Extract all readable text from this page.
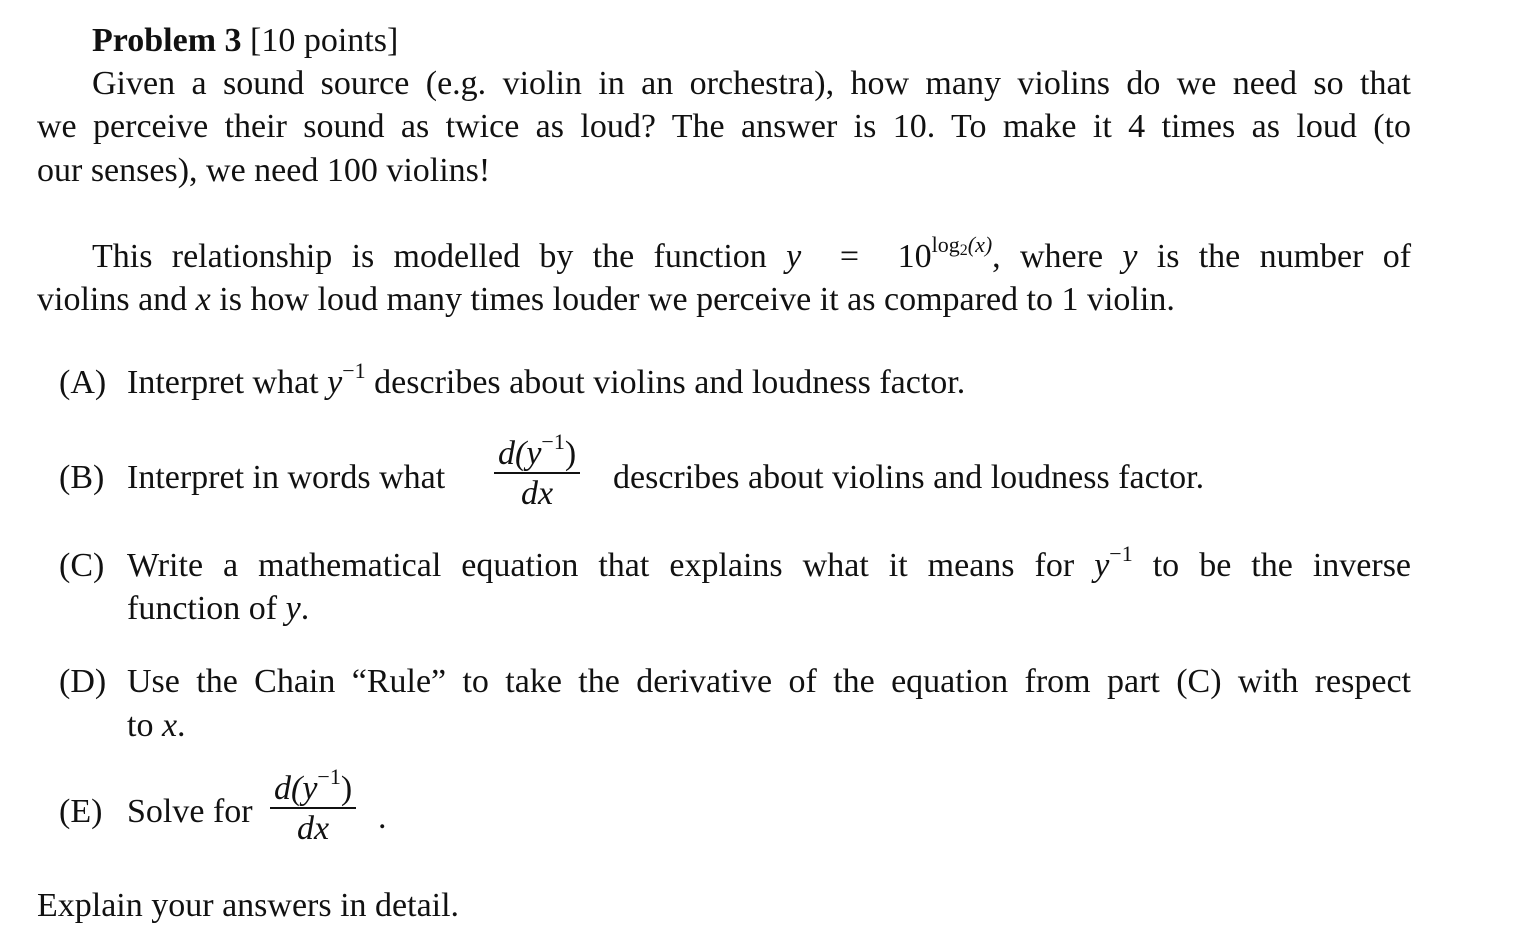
Problem 3 [10 points]
Given a sound source (e.g. violin in an orchestra), how many violins do we need so that
we perceive their sound as twice as loud? The answer is 10. To make it 4 times as loud (to
our senses), we need 100 violins!
This relationship is modelled by the function $y = 10^{log_2(x)}$, where y is the number of
violins and x is how loud many times louder we perceive it as compared to 1 violin.
(A) Interpret what $y^{-1}$ describes about violins and loudness factor.
(B) Interpret in words what
$d(y^{-1})$
dx describes about violins and loudness factor.
(C) Write a mathematical equation that explains what it means for $y^{-1}$ to be the inverse
function of y.
(D) Use the Chain “Rule” to take the derivative of the equation from part (C) with respect
to x.
(E) Solve for
$d(y^{-1})$
dx .
Explain your answers in detail.
